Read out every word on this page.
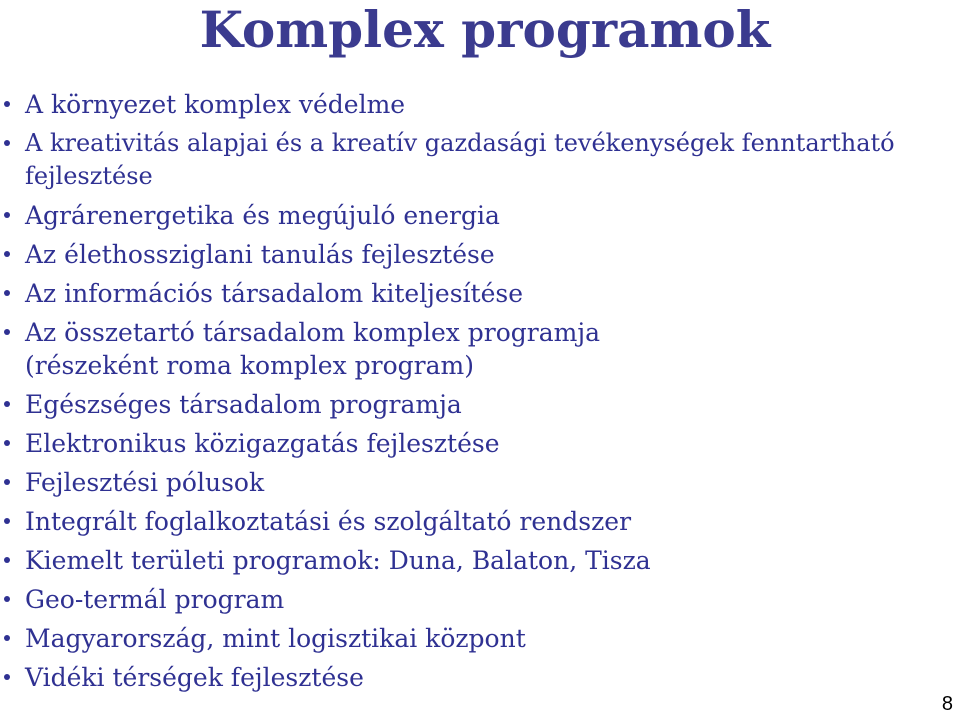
Komplex programok
A környezet komplex védelme
A kreativitás alapjai és a kreatív gazdasági tevékenységek fenntartható
fejlesztése
Agrárenergetika és megújuló energia
Az élethossziglani tanulás fejlesztése
Az információs társadalom kiteljesítése
Az összetartó társadalom komplex programja
(részeként roma komplex program)
Egészséges társadalom programja
Elektronikus közigazgatás fejlesztése
Fejlesztési pólusok
Integrált foglalkoztatási és szolgáltató rendszer
Kiemelt területi programok: Duna, Balaton, Tisza
Geo-termál program
Magyarország, mint logisztikai központ
Vidéki térségek fejlesztése
8
